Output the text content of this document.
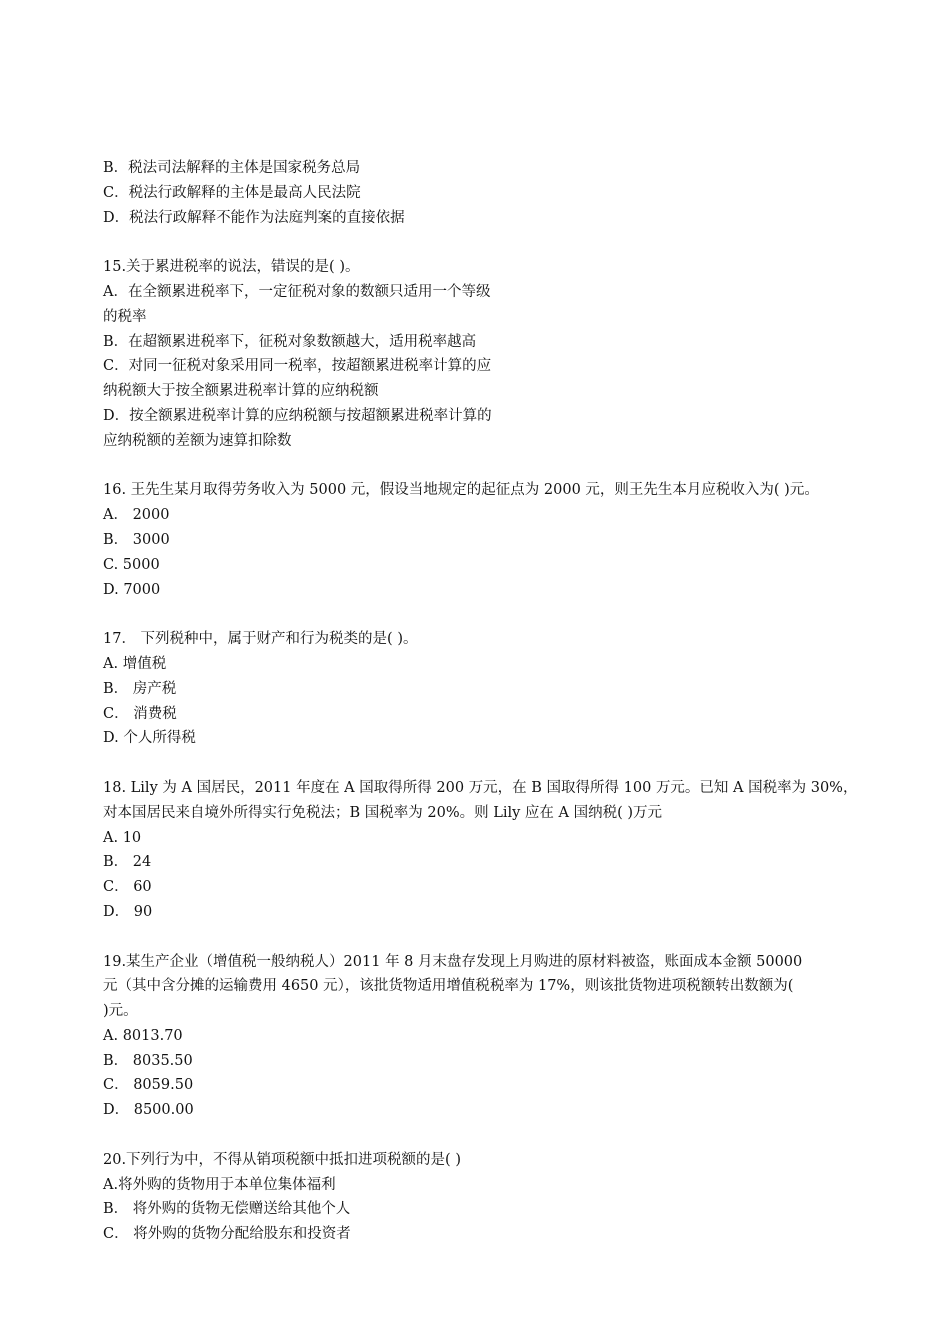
B．税法司法解释的主体是国家税务总局
C．税法行政解释的主体是最高人民法院
D．税法行政解释不能作为法庭判案的直接依据
15.关于累进税率的说法，错误的是( )。
A．在全额累进税率下，一定征税对象的数额只适用一个等级
的税率
B．在超额累进税率下，征税对象数额越大，适用税率越高
C．对同一征税对象采用同一税率，按超额累进税率计算的应
纳税额大于按全额累进税率计算的应纳税额
D．按全额累进税率计算的应纳税额与按超额累进税率计算的
应纳税额的差额为速算扣除数
16. 王先生某月取得劳务收入为 5000 元，假设当地规定的起征点为 2000 元，则王先生本月应税收入为( )元。
A． 2000
B． 3000
C. 5000
D. 7000
17． 下列税种中，属于财产和行为税类的是( )。
A. 增值税
B． 房产税
C． 消费税
D. 个人所得税
18. Lily 为 A 国居民，2011 年度在 A 国取得所得 200 万元，在 B 国取得所得 100 万元。已知 A 国税率为 30%，
对本国居民来自境外所得实行免税法；B 国税率为 20%。则 Lily 应在 A 国纳税( )万元
A. 10
B． 24
C． 60
D． 90
19.某生产企业（增值税一般纳税人）2011 年 8 月末盘存发现上月购进的原材料被盗，账面成本金额 50000
元（其中含分摊的运输费用 4650 元），该批货物适用增值税税率为 17%，则该批货物进项税额转出数额为(
)元。
A. 8013.70
B． 8035.50
C． 8059.50
D． 8500.00
20.下列行为中，不得从销项税额中抵扣进项税额的是( )
A.将外购的货物用于本单位集体福利
B． 将外购的货物无偿赠送给其他个人
C． 将外购的货物分配给股东和投资者
